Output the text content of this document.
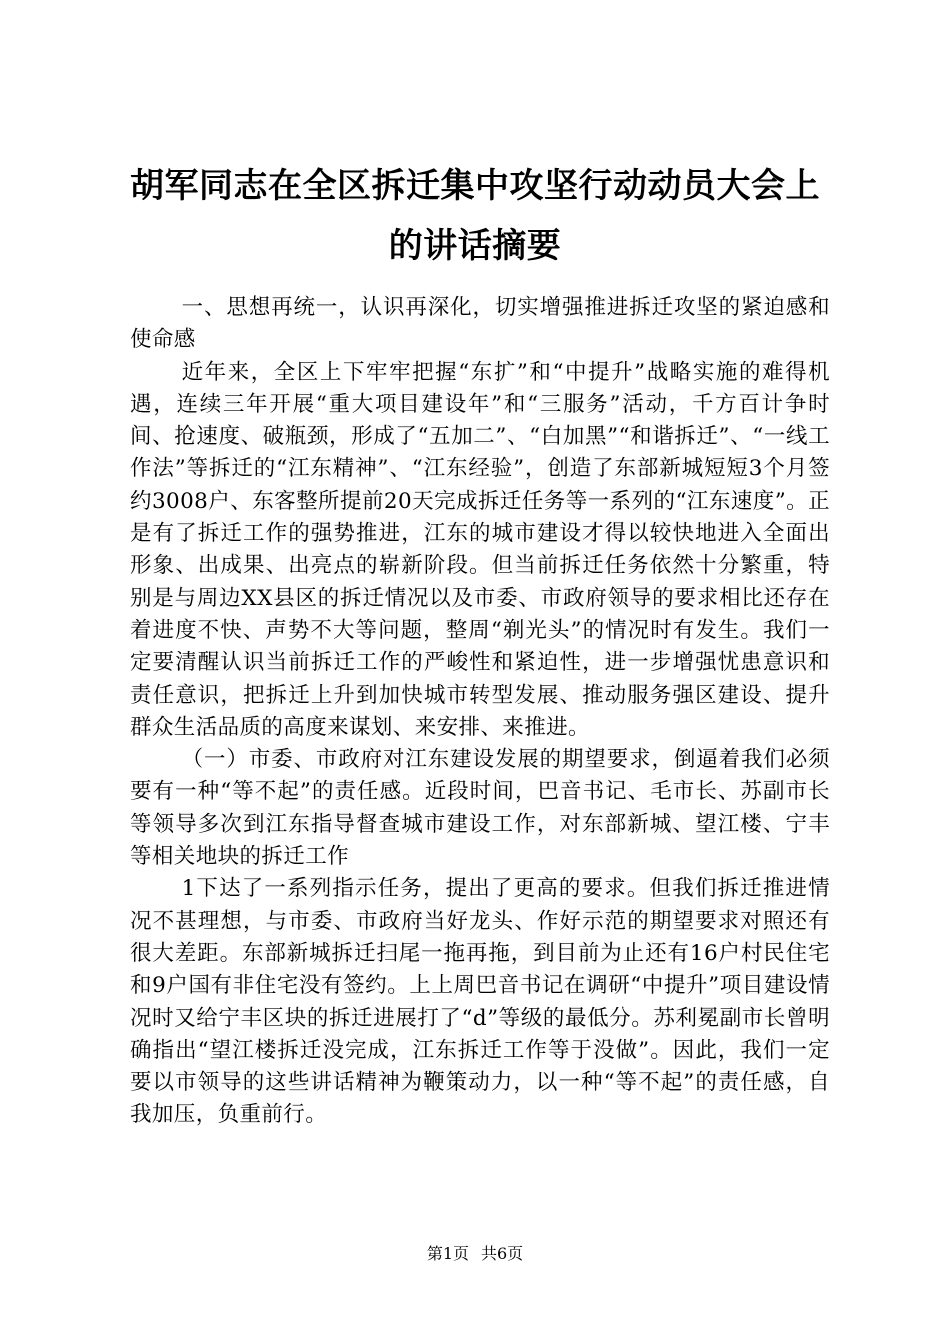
胡军同志在全区拆迁集中攻坚行动动员大会上
的讲话摘要

一、思想再统一，认识再深化，切实增强推进拆迁攻坚的紧迫感和使命感

近年来，全区上下牢牢把握“东扩”和“中提升”战略实施的难得机遇，连续三年开展“重大项目建设年”和“三服务”活动，千方百计争时间、抢速度、破瓶颈，形成了“五加二”、“白加黑”“和谐拆迁”、“一线工作法”等拆迁的“江东精神”、“江东经验”，创造了东部新城短短3个月签约3008户、东客整所提前20天完成拆迁任务等一系列的“江东速度”。正是有了拆迁工作的强势推进，江东的城市建设才得以较快地进入全面出形象、出成果、出亮点的崭新阶段。但当前拆迁任务依然十分繁重，特别是与周边XX县区的拆迁情况以及市委、市政府领导的要求相比还存在着进度不快、声势不大等问题，整周“剃光头”的情况时有发生。我们一定要清醒认识当前拆迁工作的严峻性和紧迫性，进一步增强忧患意识和责任意识，把拆迁上升到加快城市转型发展、推动服务强区建设、提升群众生活品质的高度来谋划、来安排、来推进。

（一）市委、市政府对江东建设发展的期望要求，倒逼着我们必须要有一种“等不起”的责任感。近段时间，巴音书记、毛市长、苏副市长等领导多次到江东指导督查城市建设工作，对东部新城、望江楼、宁丰等相关地块的拆迁工作

1下达了一系列指示任务，提出了更高的要求。但我们拆迁推进情况不甚理想，与市委、市政府当好龙头、作好示范的期望要求对照还有很大差距。东部新城拆迁扫尾一拖再拖，到目前为止还有16户村民住宅和9户国有非住宅没有签约。上上周巴音书记在调研“中提升”项目建设情况时又给宁丰区块的拆迁进展打了“d”等级的最低分。苏利冕副市长曾明确指出“望江楼拆迁没完成，江东拆迁工作等于没做”。因此，我们一定要以市领导的这些讲话精神为鞭策动力，以一种“等不起”的责任感，自我加压，负重前行。

第1页 共6页
